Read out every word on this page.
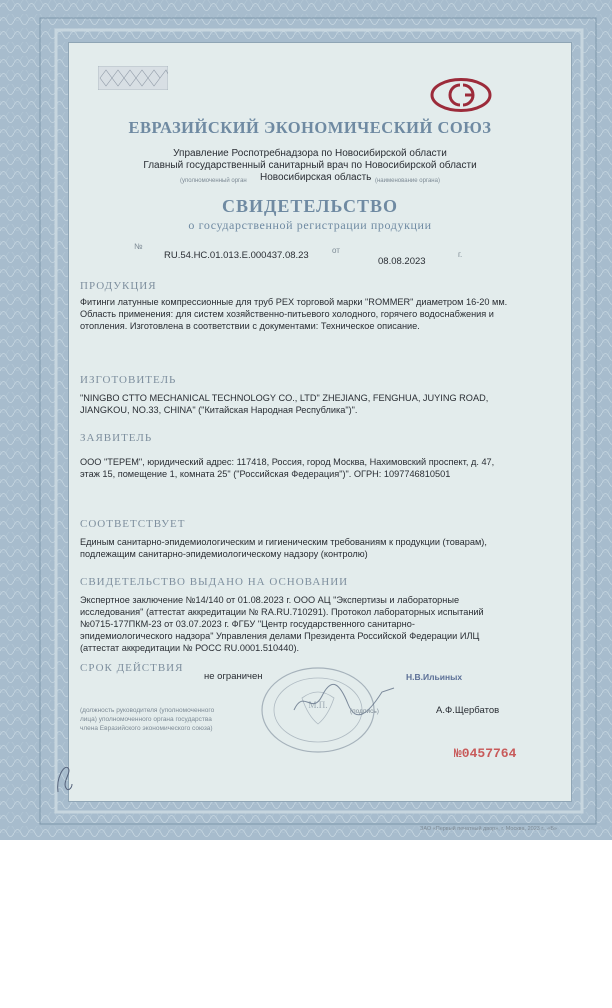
ЕВРАЗИЙСКИЙ ЭКОНОМИЧЕСКИЙ СОЮЗ
Управление Роспотребнадзора по Новосибирской области
Главный государственный санитарный врач по Новосибирской области
(уполномоченный орган Новосибирская область (наименование органа)
СВИДЕТЕЛЬСТВО
о государственной регистрации продукции
№
RU.54.НС.01.013.Е.000437.08.23	от
08.08.2023
г.
ПРОДУКЦИЯ
Фитинги латунные компрессионные для труб РЕХ торговой марки "ROMMER" диаметром 16-20 мм.
Область применения: для систем хозяйственно-питьевого холодного, горячего водоснабжения и
отопления. Изготовлена в соответствии с документами: Техническое описание.
ИЗГОТОВИТЕЛЬ
"NINGBO CTTO MECHANICAL TECHNOLOGY CO., LTD" ZHEJIANG, FENGHUA, JUYING ROAD,
JIANGKOU, NO.33, CHINA" ("Китайская Народная Республика")".
ЗАЯВИТЕЛЬ
ООО "ТЕРЕМ", юридический адрес: 117418, Россия, город Москва, Нахимовский проспект, д. 47,
этаж 15, помещение 1, комната 25" ("Российская Федерация")". ОГРН: 1097746810501
СООТВЕТСТВУЕТ
Единым санитарно-эпидемиологическим и гигиеническим требованиям к продукции (товарам),
подлежащим санитарно-эпидемиологическому надзору (контролю)
СВИДЕТЕЛЬСТВО ВЫДАНО НА ОСНОВАНИИ
Экспертное заключение №14/140 от 01.08.2023 г. ООО АЦ "Экспертизы и лабораторные
исследования" (аттестат аккредитации № RA.RU.710291). Протокол лабораторных испытаний
№0715-177ПКМ-23 от 03.07.2023 г. ФГБУ "Центр государственного санитарно-
эпидемиологического надзора" Управления делами Президента Российской Федерации ИЛЦ
(аттестат аккредитации № РОСС RU.0001.510440).
СРОК ДЕЙСТВИЯ
не ограничен
М.П.
Н.В.Ильиных
(должность руководителя (уполномоченного
лица) уполномоченного органа государства
члена Евразийского экономического союза)
(подпись)	А.Ф.Щербатов
№0457764
ЗАО «Первый печатный двор», г. Москва, 2023 г., «Б»
